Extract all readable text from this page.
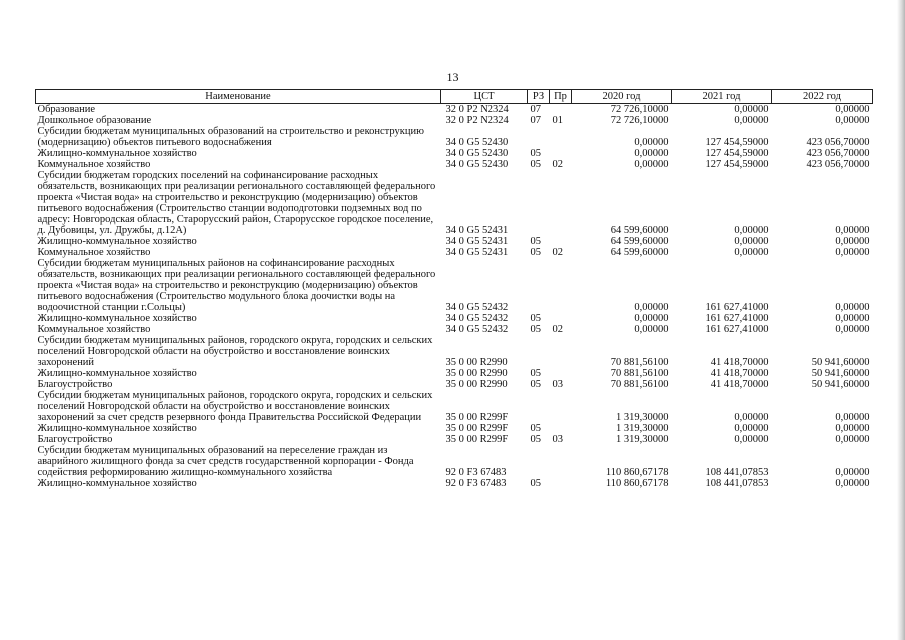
13
Наименование	ЦСТ	РЗ	Пр	2020 год	2021 год	2022 год
Образование	32 0 P2 N2324	07		72 726,10000	0,00000	0,00000
Дошкольное образование	32 0 P2 N2324	07	01	72 726,10000	0,00000	0,00000
Субсидии бюджетам муниципальных образований на строительство и реконструкцию (модернизацию) объектов питьевого водоснабжения	34 0 G5 52430			0,00000	127 454,59000	423 056,70000
Жилищно-коммунальное хозяйство	34 0 G5 52430	05		0,00000	127 454,59000	423 056,70000
Коммунальное хозяйство	34 0 G5 52430	05	02	0,00000	127 454,59000	423 056,70000
Субсидии бюджетам городских поселений на софинансирование расходных обязательств, возникающих при реализации регионального составляющей федерального проекта «Чистая вода» на строительство и реконструкцию (модернизацию) объектов питьевого водоснабжения (Строительство станции водоподготовки подземных вод по адресу: Новгородская область, Старорусский район, Старорусское городское поселение, д. Дубовицы, ул. Дружбы, д.12А)	34 0 G5 52431			64 599,60000	0,00000	0,00000
Жилищно-коммунальное хозяйство	34 0 G5 52431	05		64 599,60000	0,00000	0,00000
Коммунальное хозяйство	34 0 G5 52431	05	02	64 599,60000	0,00000	0,00000
Субсидии бюджетам муниципальных районов на софинансирование расходных обязательств, возникающих при реализации регионального составляющей федерального проекта «Чистая вода» на строительство и реконструкцию (модернизацию) объектов питьевого водоснабжения (Строительство модульного блока доочистки воды на водоочистной станции г.Сольцы)	34 0 G5 52432			0,00000	161 627,41000	0,00000
Жилищно-коммунальное хозяйство	34 0 G5 52432	05		0,00000	161 627,41000	0,00000
Коммунальное хозяйство	34 0 G5 52432	05	02	0,00000	161 627,41000	0,00000
Субсидии бюджетам муниципальных районов, городского округа, городских и сельских поселений Новгородской области на обустройство и восстановление воинских захоронений	35 0 00 R2990			70 881,56100	41 418,70000	50 941,60000
Жилищно-коммунальное хозяйство	35 0 00 R2990	05		70 881,56100	41 418,70000	50 941,60000
Благоустройство	35 0 00 R2990	05	03	70 881,56100	41 418,70000	50 941,60000
Субсидии бюджетам муниципальных районов, городского округа, городских и сельских поселений Новгородской области на обустройство и восстановление воинских захоронений за счет средств резервного фонда Правительства Российской Федерации	35 0 00 R299F			1 319,30000	0,00000	0,00000
Жилищно-коммунальное хозяйство	35 0 00 R299F	05		1 319,30000	0,00000	0,00000
Благоустройство	35 0 00 R299F	05	03	1 319,30000	0,00000	0,00000
Субсидии бюджетам муниципальных образований на переселение граждан из аварийного жилищного фонда за счет средств государственной корпорации - Фонда содействия реформированию жилищно-коммунального хозяйства	92 0 F3 67483			110 860,67178	108 441,07853	0,00000
Жилищно-коммунальное хозяйство	92 0 F3 67483	05		110 860,67178	108 441,07853	0,00000
